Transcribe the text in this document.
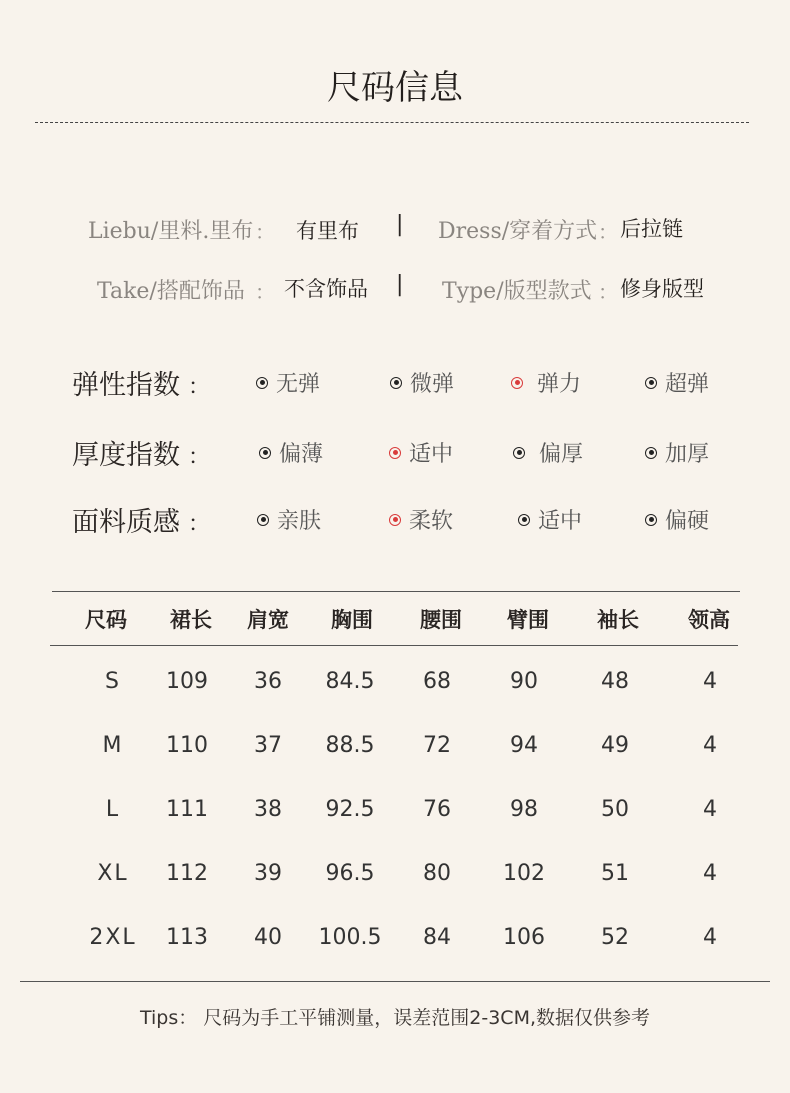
尺码信息
Liebu/里料.里布 ： 有里布 | Dress/穿着方式 ： 后拉链
Take/搭配饰品 ： 不含饰品 | Type/版型款式 ： 修身版型
弹性指数 ：	无弹	微弹	弹力	超弹
厚度指数 ：	偏薄	适中	偏厚	加厚
面料质感 ：	亲肤	柔软	适中	偏硬
尺码	裙长	肩宽	胸围	腰围	臂围	袖长	领高
S	109	36	84.5	68	90	48	4
M	110	37	88.5	72	94	49	4
L	111	38	92.5	76	98	50	4
XL	112	39	96.5	80	102	51	4
2XL	113	40	100.5	84	106	52	4
Tips： 尺码为手工平铺测量，误差范围2-3CM,数据仅供参考
